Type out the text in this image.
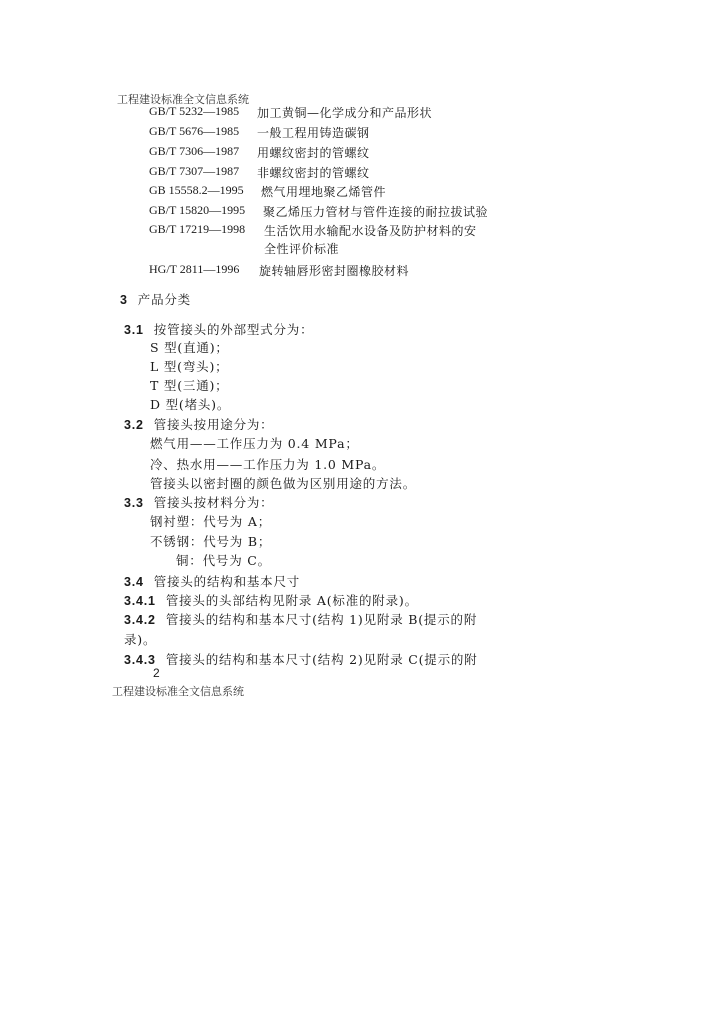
工程建设标准全文信息系统
GB/T 5232—1985 加工黄铜—化学成分和产品形状
GB/T 5676—1985 一般工程用铸造碳钢
GB/T 7306—1987 用螺纹密封的管螺纹
GB/T 7307—1987 非螺纹密封的管螺纹
GB 15558.2—1995 燃气用埋地聚乙烯管件
GB/T 15820—1995 聚乙烯压力管材与管件连接的耐拉拔试验
GB/T 17219—1998 生活饮用水输配水设备及防护材料的安
全性评价标准
HG/T 2811—1996 旋转轴唇形密封圈橡胶材料
3 产品分类
3.1 按管接头的外部型式分为：
S 型(直通)；
L 型(弯头)；
T 型(三通)；
D 型(堵头)。
3.2 管接头按用途分为：
燃气用——工作压力为 0.4 MPa；
冷、热水用——工作压力为 1.0 MPa。
管接头以密封圈的颜色做为区别用途的方法。
3.3 管接头按材料分为：
钢衬塑：代号为 A；
不锈钢：代号为 B；
铜：代号为 C。
3.4 管接头的结构和基本尺寸
3.4.1 管接头的头部结构见附录 A(标准的附录)。
3.4.2 管接头的结构和基本尺寸(结构 1)见附录 B(提示的附
录)。
3.4.3 管接头的结构和基本尺寸(结构 2)见附录 C(提示的附
2
工程建设标准全文信息系统
